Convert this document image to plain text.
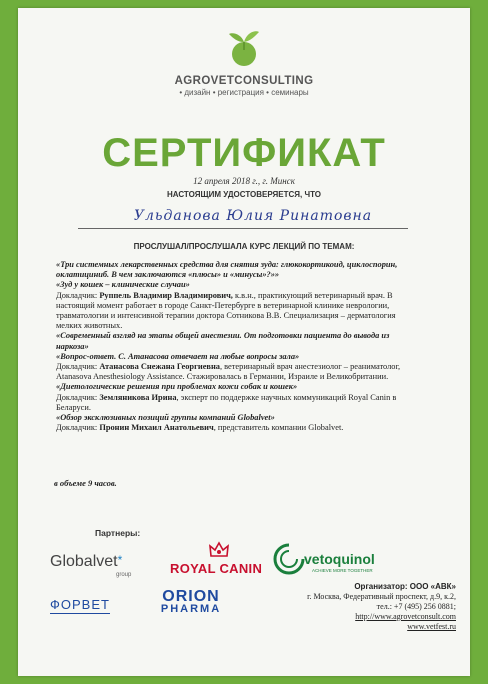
AGROVETCONSULTING
• дизайн • регистрация • семинары
СЕРТИФИКАТ
12 апреля 2018 г., г. Минск
НАСТОЯЩИМ УДОСТОВЕРЯЕТСЯ, ЧТО
Ульданова Юлия Ринатовна
ПРОСЛУШАЛ/ПРОСЛУШАЛА КУРС ЛЕКЦИЙ ПО ТЕМАМ:
«Три системных лекарственных средства для снятия зуда: глюкокортикоид, циклоспорин, оклатициниб. В чем заключаются «плюсы» и «минусы»?»»
«Зуд у кошек – клинические случаи»
Докладчик: Руппель Владимир Владимирович, к.в.н., практикующий ветеринарный врач. В настоящий момент работает в городе Санкт-Петербурге в ветеринарной клинике неврологии, травматологии и интенсивной терапии доктора Сотникова В.В. Специализация – дерматология мелких животных.
«Современный взгляд на этапы общей анестезии. От подготовки пациента до вывода из наркоза»
«Вопрос-ответ. С. Атанасова отвечает на любые вопросы зала»
Докладчик: Атанасова Снежана Георгиевна, ветеринарный врач анестезиолог – реаниматолог, Atanasova Anesthesiology Assistance. Стажировалась в Германии, Израиле и Великобритании.
«Диетологические решения при проблемах кожи собак и кошек»
Докладчик: Земляникова Ирина, эксперт по поддержке научных коммуникаций Royal Canin в Беларуси.
«Обзор эксклюзивных позиций группы компаний Globalvet»
Докладчик: Пронин Михаил Анатольевич, представитель компании Globalvet.
в объеме 9 часов.
Партнеры:
Globalvet*
group	ROYAL CANIN
vetoquinol
ACHIEVE MORE TOGETHER
ФОРВЕТ	ORION
PHARMA
Организатор: ООО «АВК»
г. Москва, Федеративный проспект, д.9, к.2,
тел.: +7 (495) 256 0881;
http://www.agrovetconsult.com
www.vetfest.ru
